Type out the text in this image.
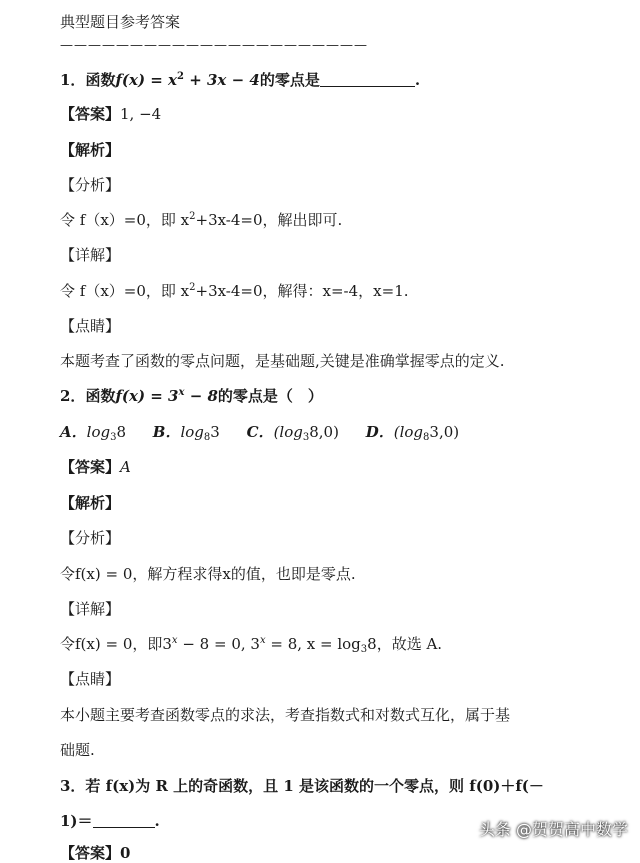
典型题目参考答案
——————————————————————
1．函数$f(x) = x^2 + 3x - 4$的零点是	.
【答案】1, −4
【解析】
【分析】
令 f（x）=0，即 $x^2+3x-4=0$，解出即可.
【详解】
令 f（x）=0，即 $x^2+3x-4=0$，解得：x=-4，x=1.
【点睛】
本题考查了函数的零点问题，是基础题,关键是准确掌握零点的定义.
2．函数$f(x) = 3^x - 8$的零点是（　）
A．$\log_38$ B．$\log_83$ C．$(\log_38,0)$ D．$(\log_83,0)$
【答案】A
【解析】
【分析】
令f(x) = 0，解方程求得x的值，也即是零点.
【详解】
令f(x) = 0，即$3^x - 8 = 0$, $3^x = 8$, $x = \log_38$，故选 A.
【点睛】
本小题主要考查函数零点的求法，考查指数式和对数式互化，属于基
础题.
3．若 f(x)为 R 上的奇函数，且 1 是该函数的一个零点，则 f(0)＋f(－
1)＝	.
【答案】0
头条 @贺贺高中数学
